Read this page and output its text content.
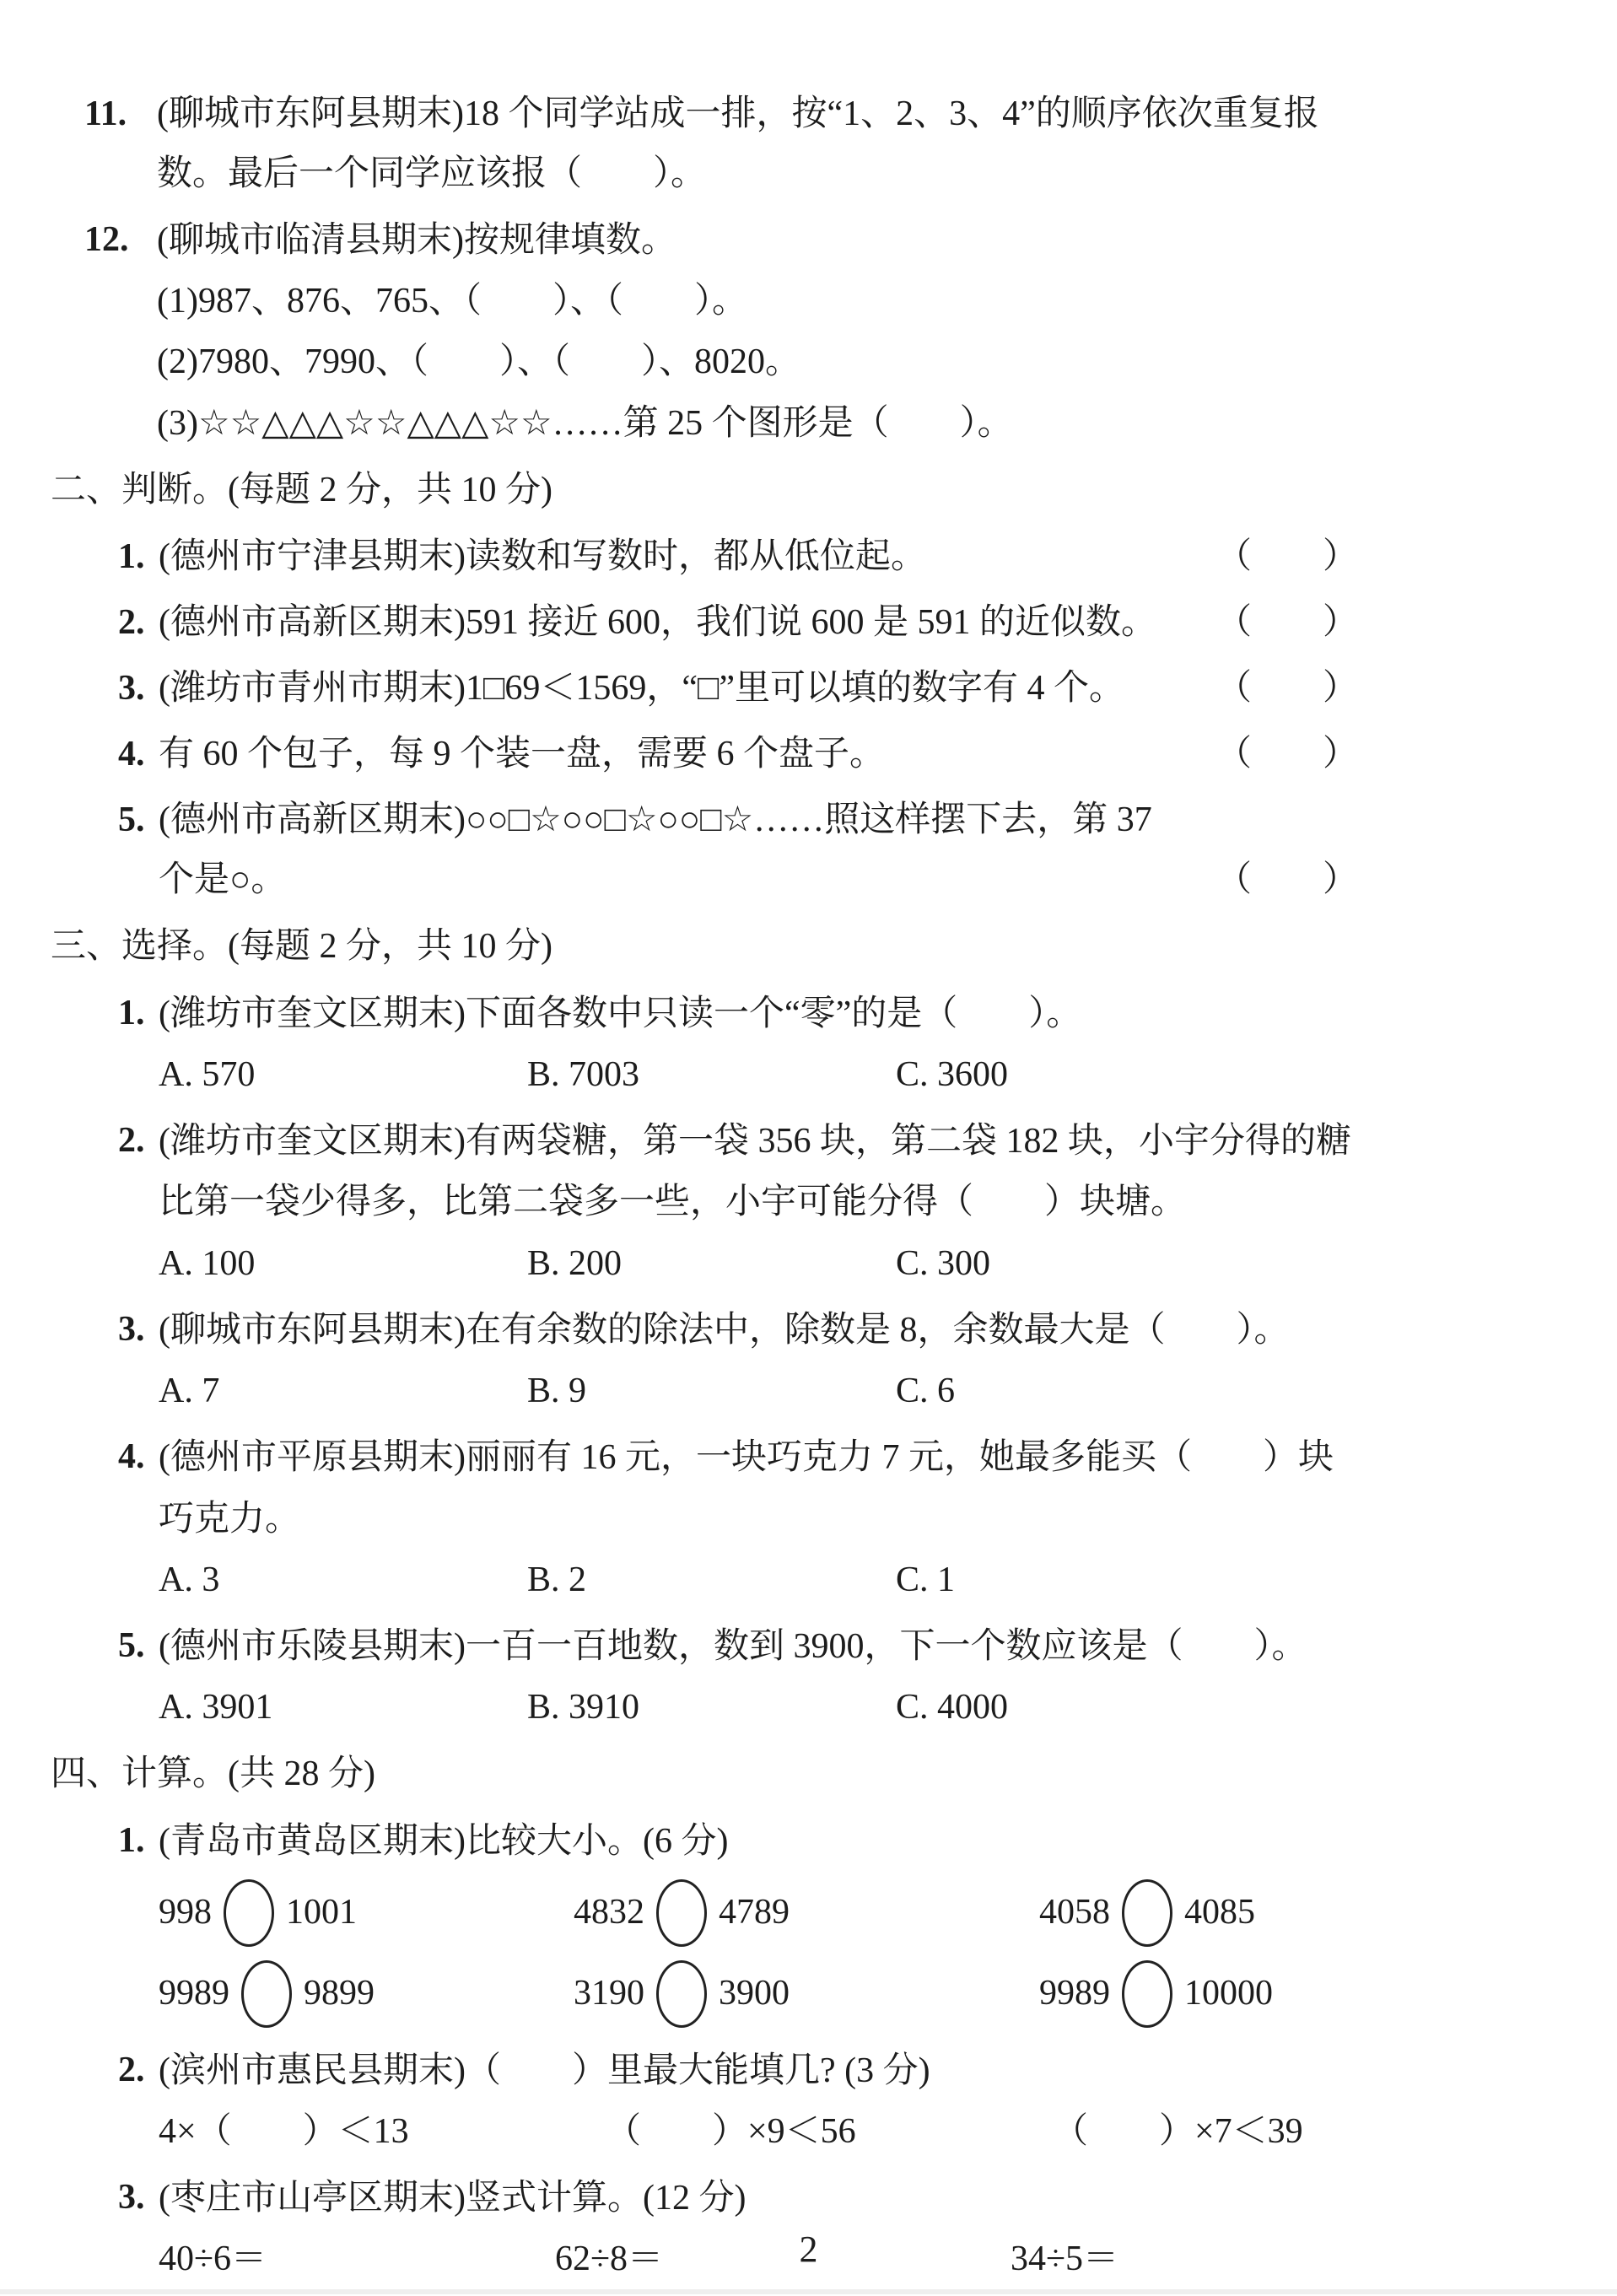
11. (聊城市东阿县期末)18 个同学站成一排，按“1、2、3、4”的顺序依次重复报数。最后一个同学应该报（　　）。
12. (聊城市临清县期末)按规律填数。
(1)987、876、765、（　　）、（　　）。
(2)7980、7990、（　　）、（　　）、8020。
(3)☆☆△△△☆☆△△△☆☆……第 25 个图形是（　　）。
二、判断。(每题 2 分，共 10 分)
1. (德州市宁津县期末)读数和写数时，都从低位起。	（　　）
2. (德州市高新区期末)591 接近 600，我们说 600 是 591 的近似数。	（　　）
3. (潍坊市青州市期末)1□69＜1569，“□”里可以填的数字有 4 个。	（　　）
4. 有 60 个包子，每 9 个装一盘，需要 6 个盘子。	（　　）
5. (德州市高新区期末)○○□☆○○□☆○○□☆……照这样摆下去，第 37 个是○。	（　　）
三、选择。(每题 2 分，共 10 分)
1. (潍坊市奎文区期末)下面各数中只读一个“零”的是（　　）。
A. 570	B. 7003	C. 3600
2. (潍坊市奎文区期末)有两袋糖，第一袋 356 块，第二袋 182 块，小宇分得的糖比第一袋少得多，比第二袋多一些，小宇可能分得（　　）块塘。
A. 100	B. 200	C. 300
3. (聊城市东阿县期末)在有余数的除法中，除数是 8，余数最大是（　　）。
A. 7	B. 9	C. 6
4. (德州市平原县期末)丽丽有 16 元，一块巧克力 7 元，她最多能买（　　）块巧克力。
A. 3	B. 2	C. 1
5. (德州市乐陵县期末)一百一百地数，数到 3900，下一个数应该是（　　）。
A. 3901	B. 3910	C. 4000
四、计算。(共 28 分)
1. (青岛市黄岛区期末)比较大小。(6 分)
998 1001	4832 4789	4058 4085
9989 9899	3190 3900	9989 10000
2. (滨州市惠民县期末)（　　）里最大能填几? (3 分)
4×（　　）＜13	（　　）×9＜56	（　　）×7＜39
3. (枣庄市山亭区期末)竖式计算。(12 分)
40÷6＝	62÷8＝	34÷5＝
2
